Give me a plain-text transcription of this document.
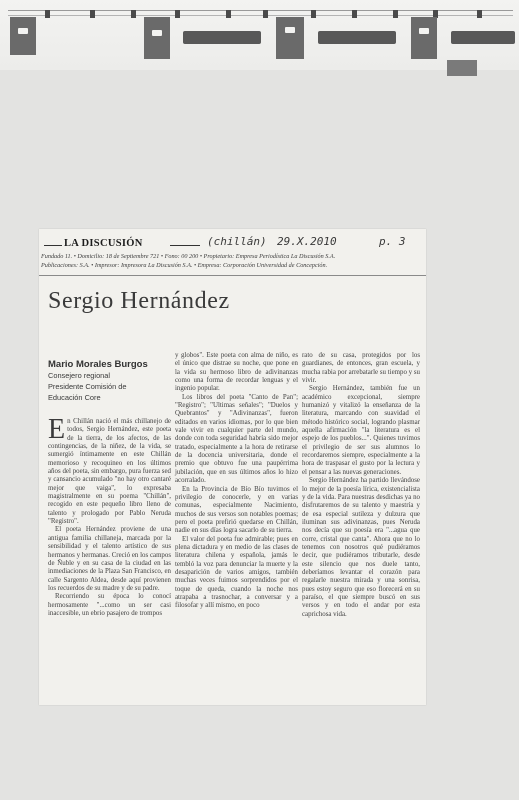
LA DISCUSIÓN	(chillán) 29.X.2010	p. 3
Fundado 11. • Domicilio: 18 de Septiembre 721 • Fono: 00 200 • Propietario: Empresa Periodística La Discusión S.A.
Publicaciones: S.A. • Impresor: Impresora La Discusión S.A. • Empresa: Corporación Universidad de Concepción.
Sergio Hernández
Mario Morales Burgos
Consejero regional
Presidente Comisión de
Educación Core

En Chillán nació el más chillanejo de todos, Sergio Hernández, este poeta de la tierra, de los afectos, de las contingencias, de la niñez, de la vida, se sumergió íntimamente en este Chillán memorioso y recoquineo en los últimos años del poeta, sin embargo, pura fuerza sed y cansancio acumulado "no hay otro cantaré mejor que vaiga", lo expresaba magistralmente en su poema "Chillán", recogido en este pequeño libro lleno de talento y prologado por Pablo Neruda "Registro".

El poeta Hernández proviene de una antigua familia chillaneja, marcada por la sensibilidad y el talento artístico de sus hermanos y hermanas. Creció en los campos de Ñuble y en su casa de la ciudad en las inmediaciones de la Plaza San Francisco, en calle Sargento Aldea, desde aquí provienen los recuerdos de su madre y de su padre.

Recorriendo su época lo conocí hermosamente "...como un ser casi inaccesible, un ebrio pasajero de trompos

y globos". Este poeta con alma de niño, es el único que distrae su noche, que pone en la vida su hermoso libro de adivinanzas como una forma de recordar lenguas y el ingenio popular.

Los libros del poeta "Canto de Pan"; "Registro"; "Ultimas señales"; "Duelos y Quebrantos" y "Adivinanzas", fueron editados en varios idiomas, por lo que bien vale vivir en cualquier parte del mundo, donde con toda seguridad habría sido mejor tratado, especialmente a la hora de retirarse de la docencia universitaria, donde el premio que obtuvo fue una paupérrima jubilación, que en sus últimos años lo hizo acorralado.

En la Provincia de Bío Bío tuvimos el privilegio de conocerle, y en varias comunas, especialmente Nacimiento, muchos de sus versos son notables poemas; pero el poeta prefirió quedarse en Chillán, nadie en sus días logra sacarlo de su tierra.

El valor del poeta fue admirable; pues en plena dictadura y en medio de las clases de literatura chilena y española, jamás le tembló la voz para denunciar la muerte y la desaparición de varios amigos, también muchas veces fuimos sorprendidos por el toque de queda, cuando la noche nos atrapaba a trasnochar, a conversar y a filosofar y allí mismo, en poco

rato de su casa, protegidos por los guardianes, de entonces, gran escuela, y mucha rabia por arrebatarle su tiempo y su vivir.

Sergio Hernández, también fue un académico excepcional, siempre humanizó y vitalizó la enseñanza de la literatura, marcando con suavidad el método histórico social, logrando plasmar aquella afirmación "la literatura es el espejo de los pueblos...". Quienes tuvimos el privilegio de ser sus alumnos lo recordaremos siempre, especialmente a la hora de traspasar el gusto por la lectura y el pensar a las nuevas generaciones.

Sergio Hernández ha partido llevándose lo mejor de la poesía lírica, existencialista y de la vida. Para nuestras desdichas ya no disfrutaremos de su talento y maestría y de esa especial sutileza y dulzura que iluminan sus adivinanzas, pues Neruda nos decía que su poesía era "...agua que corre, cristal que canta". Ahora que no lo tenemos con nosotros qué pudiéramos decir, que pudiéramos tributarle, desde este silencio que nos duele tanto, deberíamos levantar el corazón para regalarle nuestra mirada y una sonrisa, pues estoy seguro que eso florecerá en su paraíso, el que siempre buscó en sus versos y en todo el andar por esta caprichosa vida.
